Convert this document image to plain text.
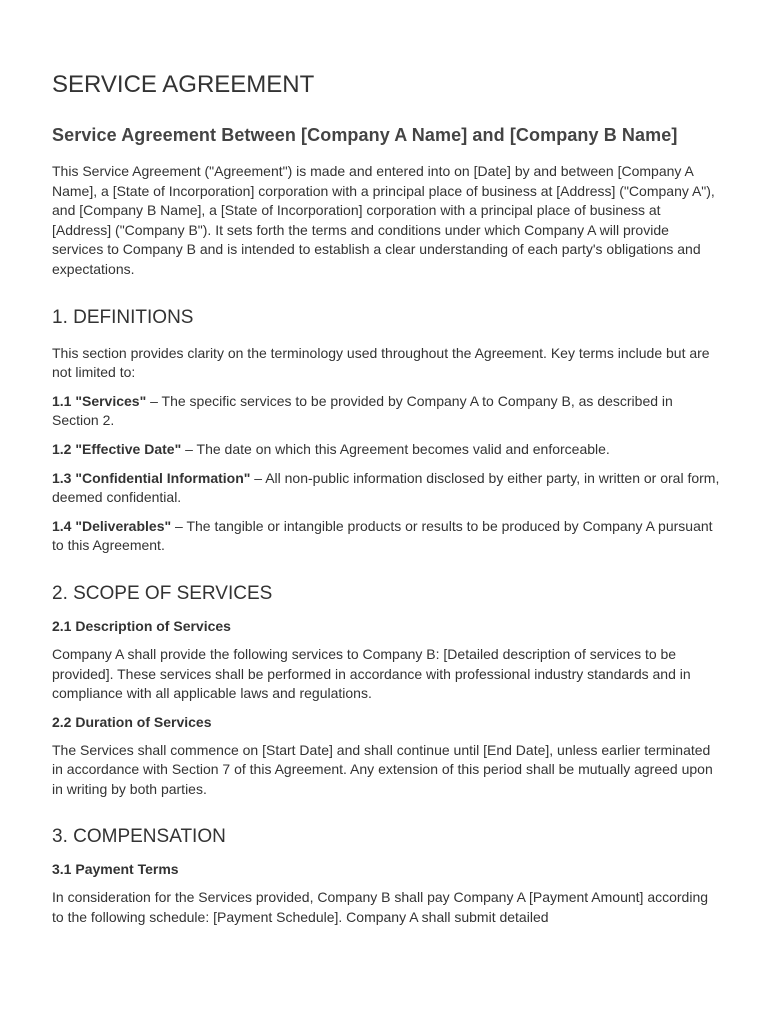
SERVICE AGREEMENT
Service Agreement Between [Company A Name] and [Company B Name]

This Service Agreement ("Agreement") is made and entered into on [Date] by and between [Company A Name], a [State of Incorporation] corporation with a principal place of business at [Address] ("Company A"), and [Company B Name], a [State of Incorporation] corporation with a principal place of business at [Address] ("Company B"). It sets forth the terms and conditions under which Company A will provide services to Company B and is intended to establish a clear understanding of each party's obligations and expectations.

1. DEFINITIONS

This section provides clarity on the terminology used throughout the Agreement. Key terms include but are not limited to:

1.1 "Services" – The specific services to be provided by Company A to Company B, as described in Section 2.

1.2 "Effective Date" – The date on which this Agreement becomes valid and enforceable.

1.3 "Confidential Information" – All non-public information disclosed by either party, in written or oral form, deemed confidential.

1.4 "Deliverables" – The tangible or intangible products or results to be produced by Company A pursuant to this Agreement.

2. SCOPE OF SERVICES
2.1 Description of Services

Company A shall provide the following services to Company B: [Detailed description of services to be provided]. These services shall be performed in accordance with professional industry standards and in compliance with all applicable laws and regulations.

2.2 Duration of Services

The Services shall commence on [Start Date] and shall continue until [End Date], unless earlier terminated in accordance with Section 7 of this Agreement. Any extension of this period shall be mutually agreed upon in writing by both parties.

3. COMPENSATION
3.1 Payment Terms

In consideration for the Services provided, Company B shall pay Company A [Payment Amount] according to the following schedule: [Payment Schedule]. Company A shall submit detailed
